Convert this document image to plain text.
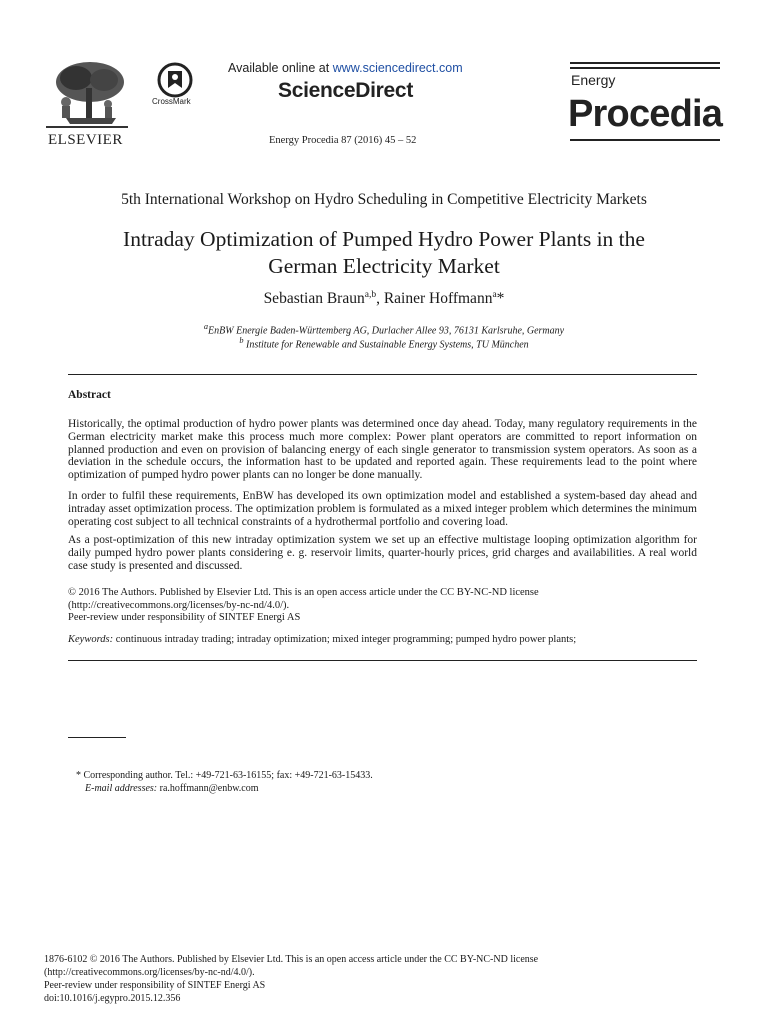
ELSEVIER
CrossMark
Available online at www.sciencedirect.com
ScienceDirect
Energy Procedia 87 (2016) 45 – 52
Energy
Procedia
5th International Workshop on Hydro Scheduling in Competitive Electricity Markets
Intraday Optimization of Pumped Hydro Power Plants in the
German Electricity Market
Sebastian Braun$^{a,b}$, Rainer Hoffmann$^a$*
$^a$EnBW Energie Baden-Württemberg AG, Durlacher Allee 93, 76131 Karlsruhe, Germany
$^b$ Institute for Renewable and Sustainable Energy Systems, TU München
Abstract
Historically, the optimal production of hydro power plants was determined once day ahead. Today, many regulatory requirements in the German electricity market make this process much more complex: Power plant operators are committed to report information on planned production and even on provision of balancing energy of each single generator to transmission system operators. As soon as a deviation in the schedule occurs, the information hast to be updated and reported again. These requirements lead to the point where optimization of pumped hydro power plants can no longer be done manually.
In order to fulfil these requirements, EnBW has developed its own optimization model and established a system-based day ahead and intraday asset optimization process. The optimization problem is formulated as a mixed integer problem which determines the minimum operating cost subject to all technical constraints of a hydrothermal portfolio and covering load.
As a post-optimization of this new intraday optimization system we set up an effective multistage looping optimization algorithm for daily pumped hydro power plants considering e. g. reservoir limits, quarter-hourly prices, grid charges and availabilities. A real world case study is presented and discussed.
© 2016 The Authors. Published by Elsevier Ltd. This is an open access article under the CC BY-NC-ND license
(http://creativecommons.org/licenses/by-nc-nd/4.0/).
Peer-review under responsibility of SINTEF Energi AS
Keywords: continuous intraday trading; intraday optimization; mixed integer programming; pumped hydro power plants;
* Corresponding author. Tel.: +49-721-63-16155; fax: +49-721-63-15433.
E-mail addresses: ra.hoffmann@enbw.com
1876-6102 © 2016 The Authors. Published by Elsevier Ltd. This is an open access article under the CC BY-NC-ND license
(http://creativecommons.org/licenses/by-nc-nd/4.0/).
Peer-review under responsibility of SINTEF Energi AS
doi:10.1016/j.egypro.2015.12.356
